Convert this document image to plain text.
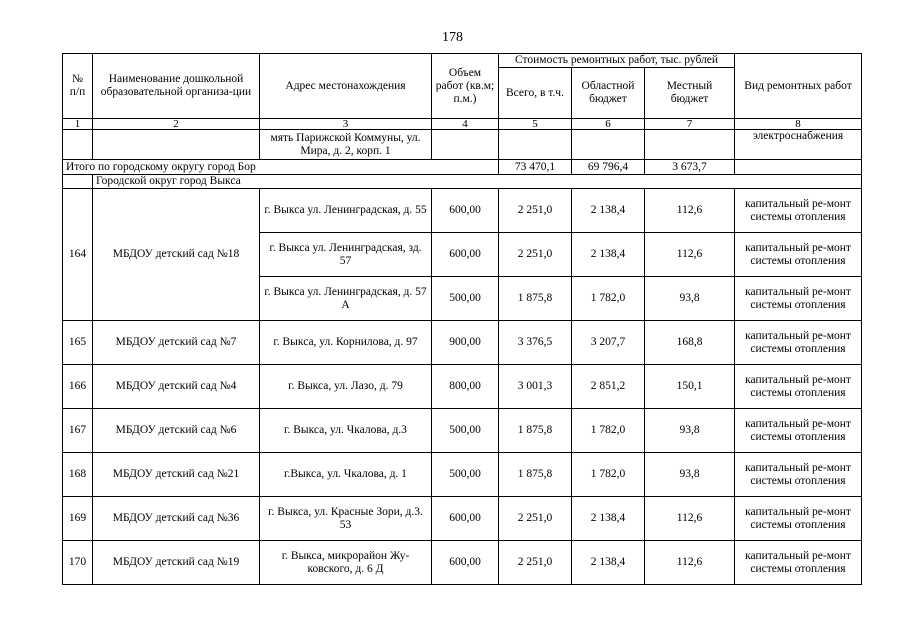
178
№ п/п	Наименование дошкольной образовательной организа-ции	Адрес местонахождения	Объем работ (кв.м; п.м.)	Стоимость ремонтных работ, тыс. рублей			Вид ремонтных работ
				Всего, в т.ч.	Областной бюджет	Местный бюджет	
1	2	3	4	5	6	7	8
		мять Парижской Коммуны, ул. Мира, д. 2, корп. 1					электроснабжения
Итого по городскому округу город Бор				73 470,1	69 796,4	3 673,7	
	Городской округ город Выкса						
164	МБДОУ детский сад №18	г. Выкса ул. Ленинградская, д. 55	600,00	2 251,0	2 138,4	112,6	капитальный ре-монт системы отопления
		г. Выкса ул. Ленинградская, зд. 57	600,00	2 251,0	2 138,4	112,6	капитальный ре-монт системы отопления
		г. Выкса ул. Ленинградская, д. 57 А	500,00	1 875,8	1 782,0	93,8	капитальный ре-монт системы отопления
165	МБДОУ детский сад №7	г. Выкса, ул. Корнилова, д. 97	900,00	3 376,5	3 207,7	168,8	капитальный ре-монт системы отопления
166	МБДОУ детский сад №4	г. Выкса, ул. Лазо, д. 79	800,00	3 001,3	2 851,2	150,1	капитальный ре-монт системы отопления
167	МБДОУ детский сад №6	г. Выкса, ул. Чкалова, д.3	500,00	1 875,8	1 782,0	93,8	капитальный ре-монт системы отопления
168	МБДОУ детский сад №21	г.Выкса, ул. Чкалова, д. 1	500,00	1 875,8	1 782,0	93,8	капитальный ре-монт системы отопления
169	МБДОУ детский сад №36	г. Выкса, ул. Красные Зори, д.3. 53	600,00	2 251,0	2 138,4	112,6	капитальный ре-монт системы отопления
170	МБДОУ детский сад №19	г. Выкса, микрорайон Жу-ковского, д. 6 Д	600,00	2 251,0	2 138,4	112,6	капитальный ре-монт системы отопления
